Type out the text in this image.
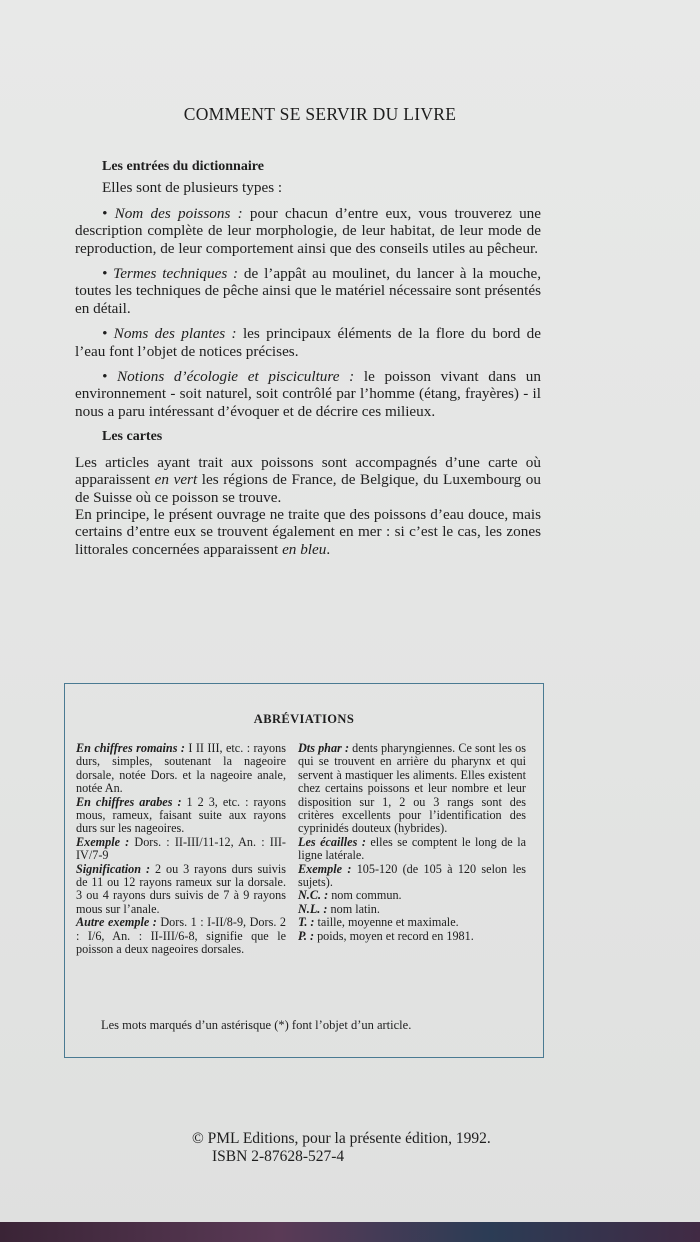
COMMENT SE SERVIR DU LIVRE
Les entrées du dictionnaire

Elles sont de plusieurs types :

• Nom des poissons : pour chacun d’entre eux, vous trouverez une description complète de leur morphologie, de leur habitat, de leur mode de reproduction, de leur comportement ainsi que des conseils utiles au pêcheur.

• Termes techniques : de l’appât au moulinet, du lancer à la mouche, toutes les techniques de pêche ainsi que le matériel nécessaire sont présentés en détail.

• Noms des plantes : les principaux éléments de la flore du bord de l’eau font l’objet de notices précises.

• Notions d’écologie et pisciculture : le poisson vivant dans un environnement - soit naturel, soit contrôlé par l’homme (étang, frayères) - il nous a paru intéressant d’évoquer et de décrire ces milieux.

Les cartes

Les articles ayant trait aux poissons sont accompagnés d’une carte où apparaissent en vert les régions de France, de Belgique, du Luxembourg ou de Suisse où ce poisson se trouve.

En principe, le présent ouvrage ne traite que des poissons d’eau douce, mais certains d’entre eux se trouvent également en mer : si c’est le cas, les zones littorales concernées apparaissent en bleu.

ABRÉVIATIONS

En chiffres romains : I II III, etc. : rayons durs, simples, soutenant la nageoire dorsale, notée Dors. et la nageoire anale, notée An.

En chiffres arabes : 1 2 3, etc. : rayons mous, rameux, faisant suite aux rayons durs sur les nageoires.

Exemple : Dors. : II-III/11-12, An. : III-IV/7-9

Signification : 2 ou 3 rayons durs suivis de 11 ou 12 rayons rameux sur la dorsale. 3 ou 4 rayons durs suivis de 7 à 9 rayons mous sur l’anale.

Autre exemple : Dors. 1 : I-II/8-9, Dors. 2 : I/6, An. : II-III/6-8, signifie que le poisson a deux nageoires dorsales.

Dts phar : dents pharyngiennes. Ce sont les os qui se trouvent en arrière du pharynx et qui servent à mastiquer les aliments. Elles existent chez certains poissons et leur nombre et leur disposition sur 1, 2 ou 3 rangs sont des critères excellents pour l’identification des cyprinidés douteux (hybrides).

Les écailles : elles se comptent le long de la ligne latérale.

Exemple : 105-120 (de 105 à 120 selon les sujets).

N.C. : nom commun.

N.L. : nom latin.

T. : taille, moyenne et maximale.

P. : poids, moyen et record en 1981.

Les mots marqués d’un astérisque (*) font l’objet d’un article.
© PML Editions, pour la présente édition, 1992.
ISBN 2-87628-527-4
